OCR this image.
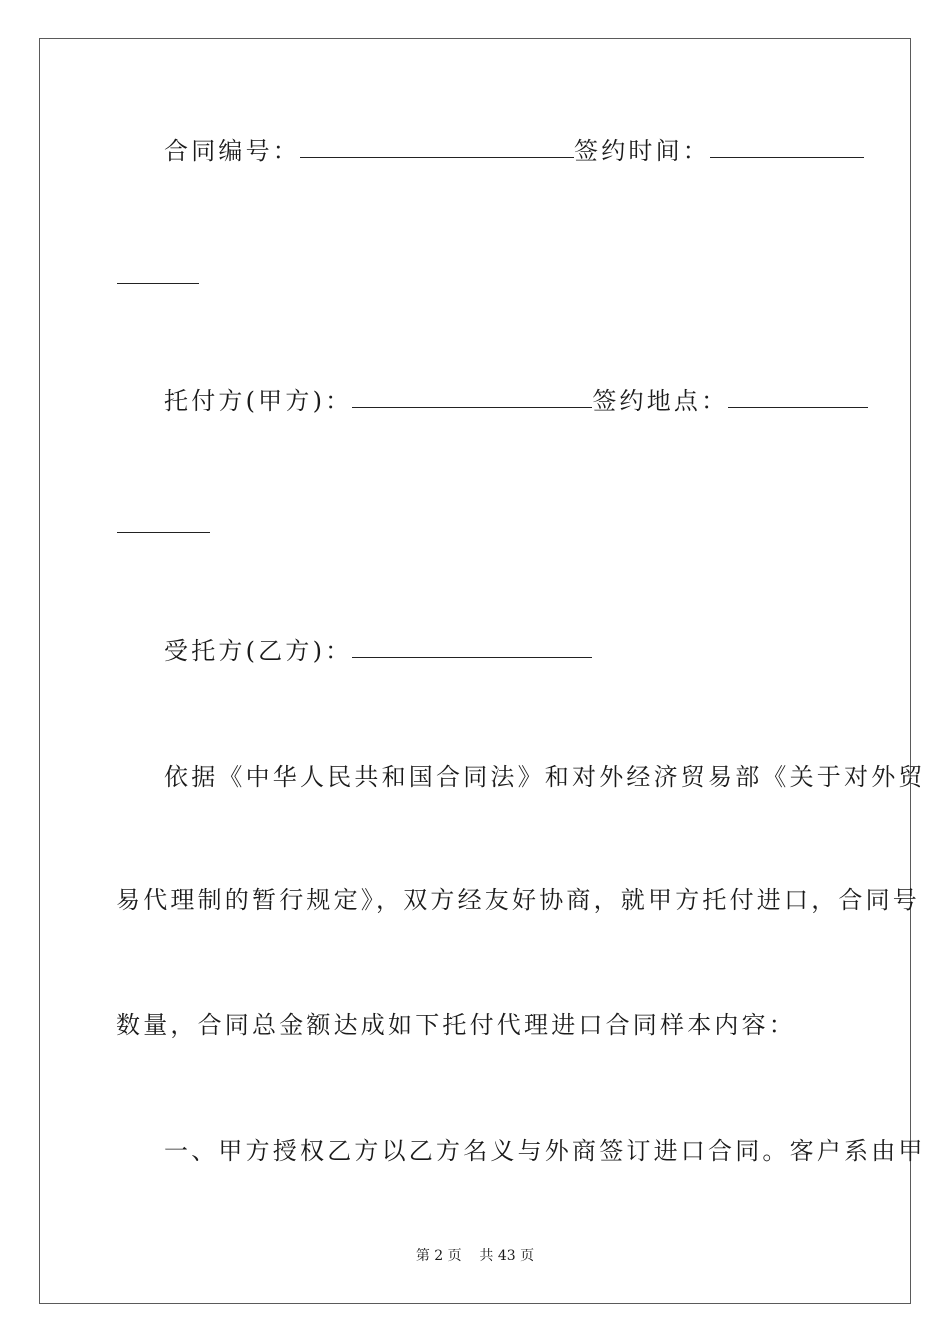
合同编号：	签约时间：
托付方(甲方)：	签约地点：
受托方(乙方)：
依据《中华人民共和国合同法》和对外经济贸易部《关于对外贸
易代理制的暂行规定》，双方经友好协商，就甲方托付进口，合同号
数量，合同总金额达成如下托付代理进口合同样本内容：
一、甲方授权乙方以乙方名义与外商签订进口合同。客户系由甲
第 2 页    共 43 页
